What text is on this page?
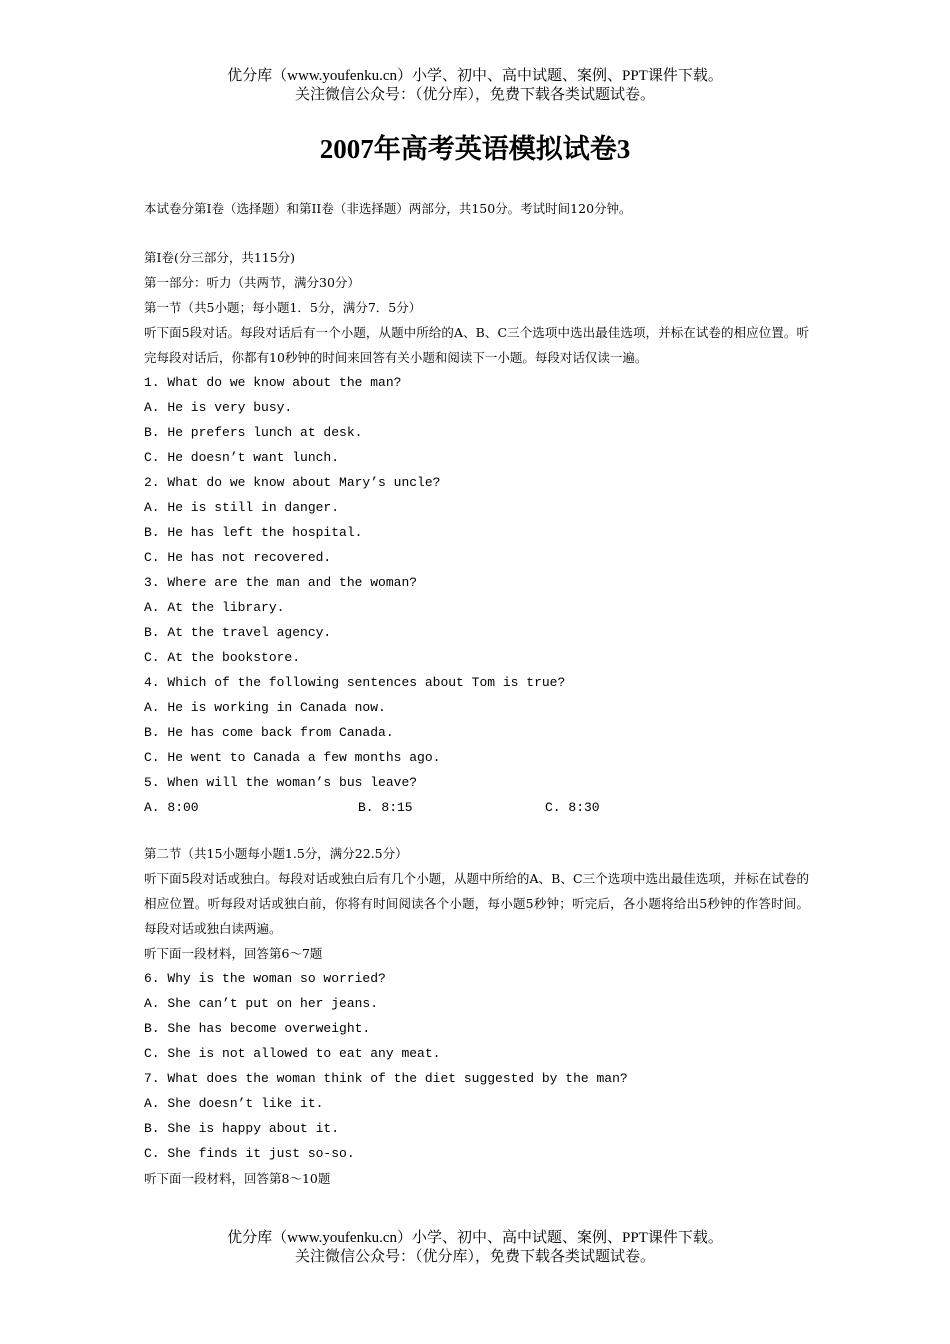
优分库（www.youfenku.cn）小学、初中、高中试题、案例、PPT课件下载。
关注微信公众号：（优分库），免费下载各类试题试卷。
2007年高考英语模拟试卷3
本试卷分第I卷（选择题）和第II卷（非选择题）两部分，共150分。考试时间120分钟。
第I卷(分三部分，共115分)
第一部分：听力（共两节，满分30分）
第一节（共5小题；每小题1．5分，满分7．5分）
听下面5段对话。每段对话后有一个小题，从题中所给的A、B、C三个选项中选出最佳选项，并标在试卷的相应位置。听完每段对话后，你都有10秒钟的时间来回答有关小题和阅读下一小题。每段对话仅读一遍。
1. What do we know about the man?
A. He is very busy.
B. He prefers lunch at desk.
C. He doesn’t want lunch.
2. What do we know about Mary’s uncle?
A. He is still in danger.
B. He has left the hospital.
C. He has not recovered.
3. Where are the man and the woman?
A. At the library.
B. At the travel agency.
C. At the bookstore.
4. Which of the following sentences about Tom is true?
A. He is working in Canada now.
B. He has come back from Canada.
C. He went to Canada a few months ago.
5. When will the woman’s bus leave?
A. 8:00	B. 8:15	C. 8:30
第二节（共15小题每小题1.5分，满分22.5分）
听下面5段对话或独白。每段对话或独白后有几个小题，从题中所给的A、B、C三个选项中选出最佳选项，并标在试卷的相应位置。听每段对话或独白前，你将有时间阅读各个小题，每小题5秒钟；听完后，各小题将给出5秒钟的作答时间。每段对话或独白读两遍。
听下面一段材料，回答第6～7题
6. Why is the woman so worried?
A. She can’t put on her jeans.
B. She has become overweight.
C. She is not allowed to eat any meat.
7. What does the woman think of the diet suggested by the man?
A. She doesn’t like it.
B. She is happy about it.
C. She finds it just so-so.
听下面一段材料，回答第8～10题
优分库（www.youfenku.cn）小学、初中、高中试题、案例、PPT课件下载。
关注微信公众号：（优分库），免费下载各类试题试卷。
